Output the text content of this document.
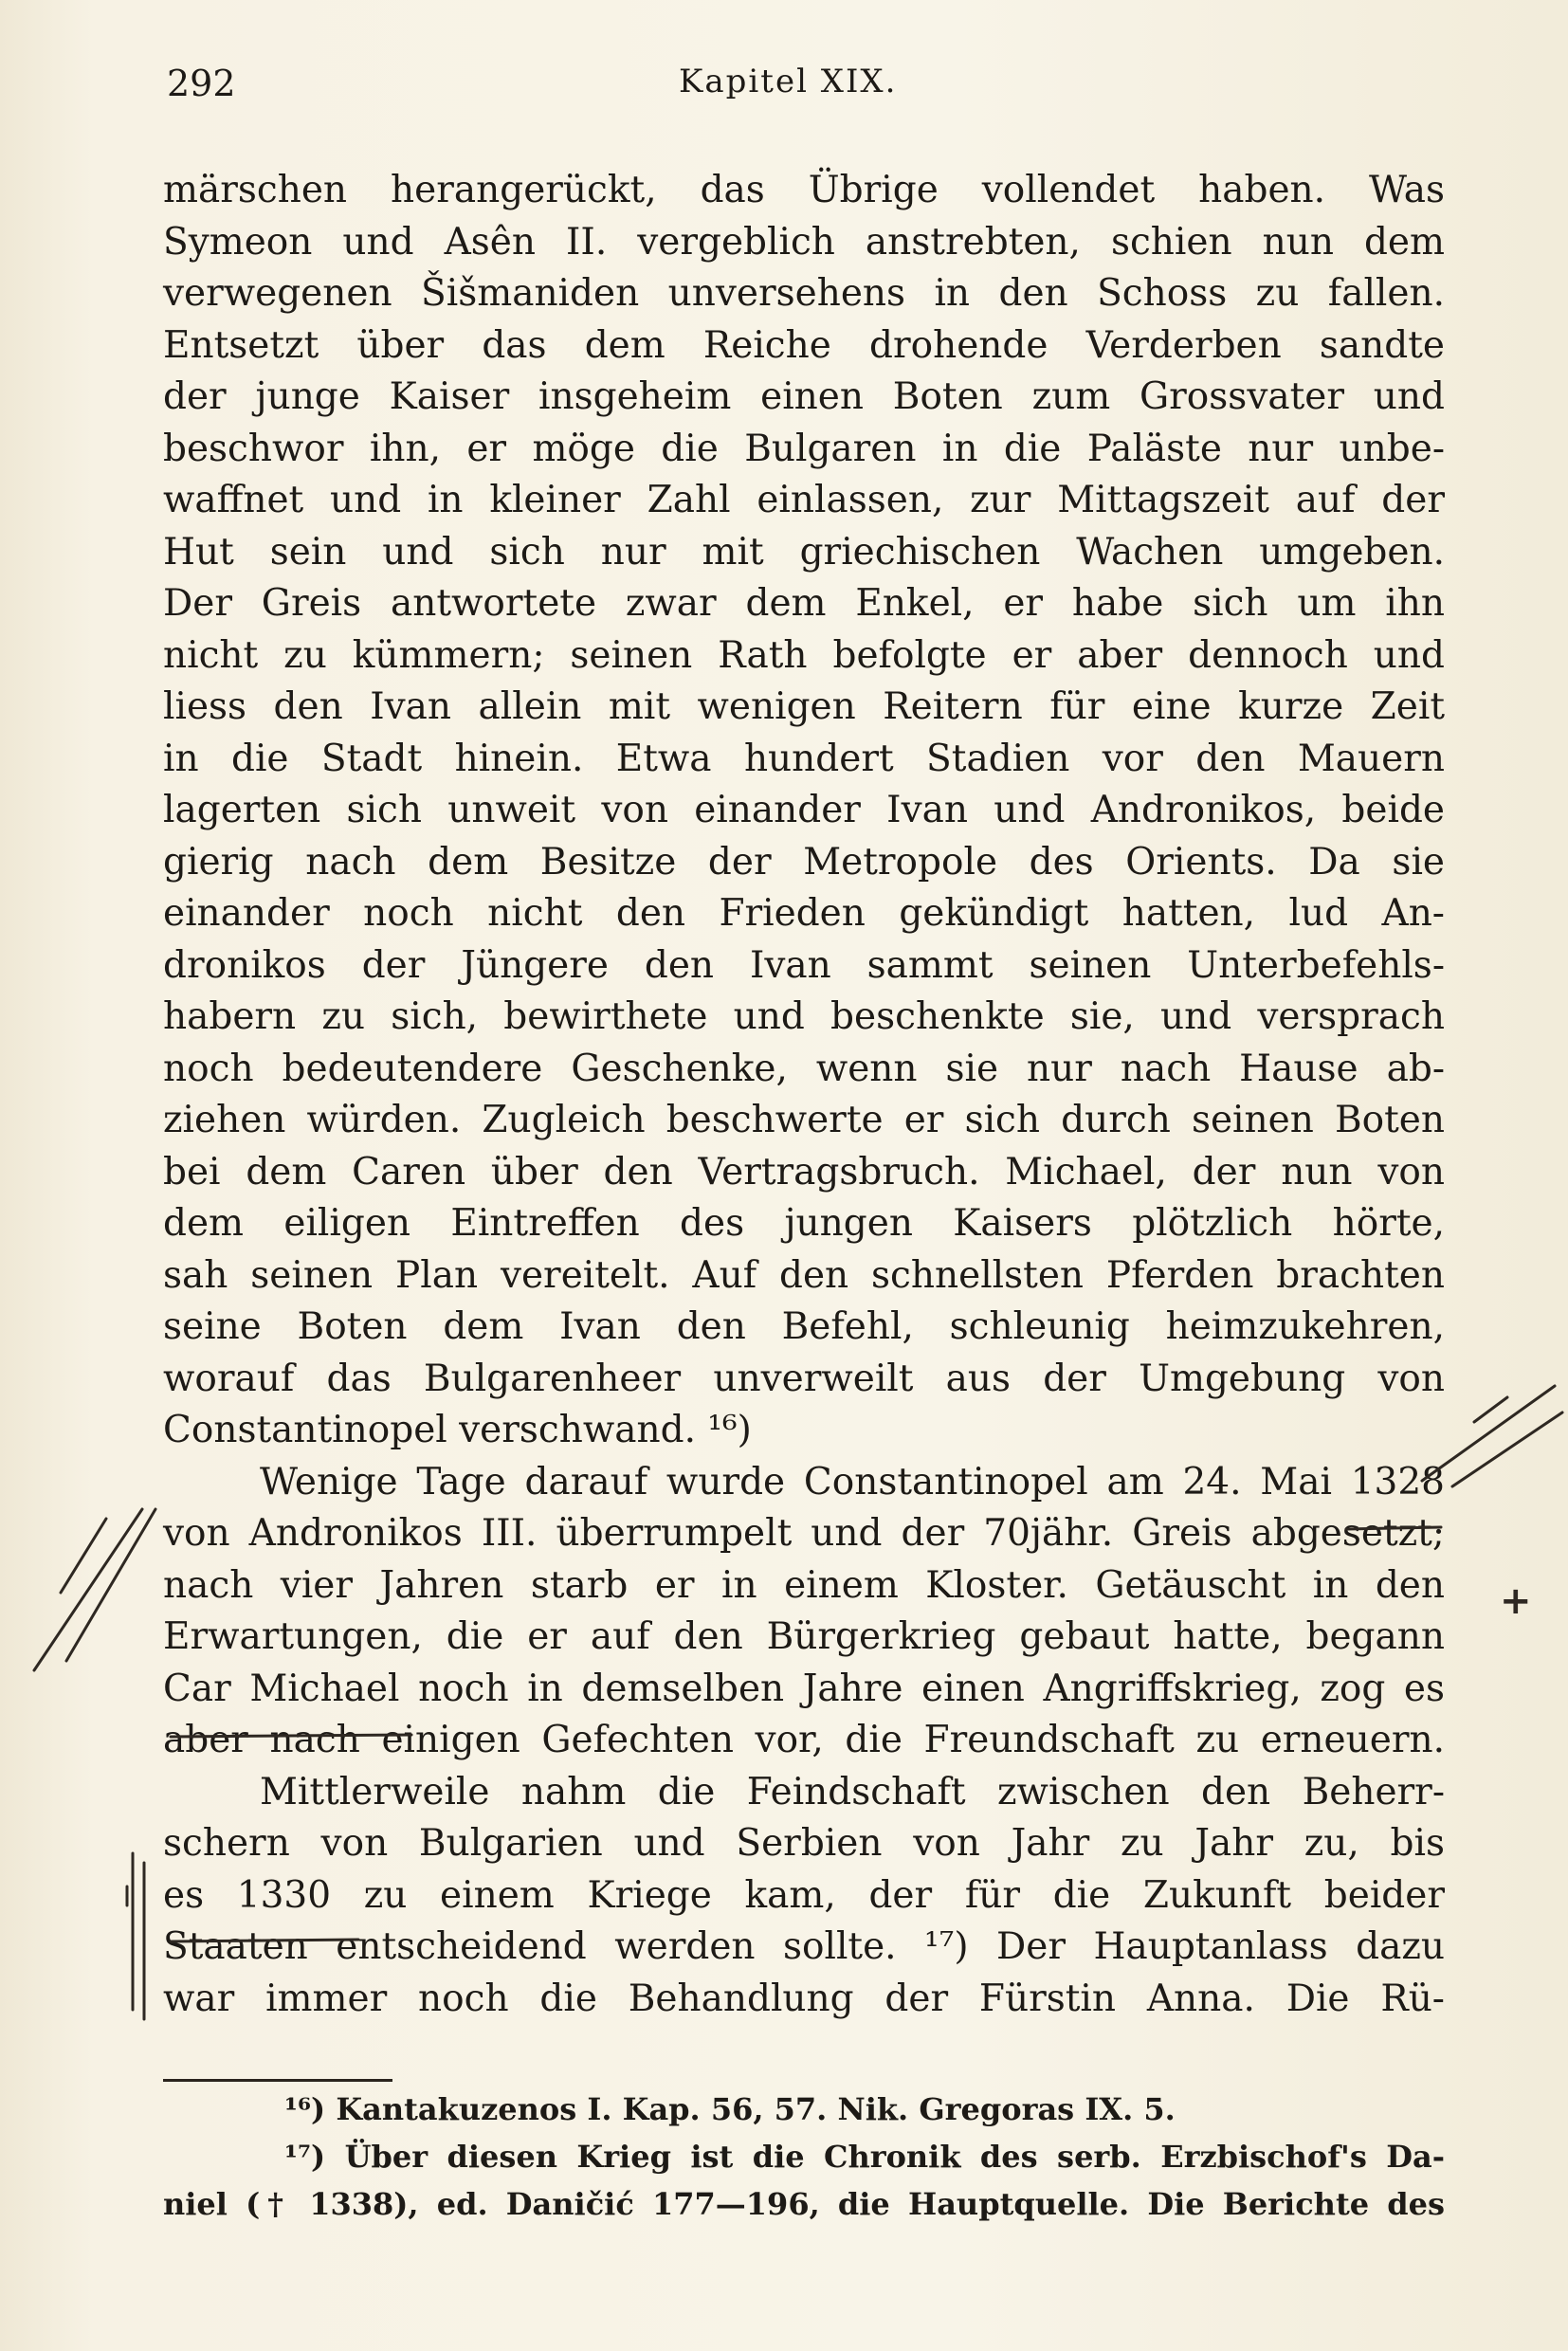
292	Kapitel XIX.
märschen herangerückt, das Übrige vollendet haben. Was
Symeon und Asên II. vergeblich anstrebten, schien nun dem
verwegenen Šišmaniden unversehens in den Schoss zu fallen.
Entsetzt über das dem Reiche drohende Verderben sandte
der junge Kaiser insgeheim einen Boten zum Grossvater und
beschwor ihn, er möge die Bulgaren in die Paläste nur unbe-
waffnet und in kleiner Zahl einlassen, zur Mittagszeit auf der
Hut sein und sich nur mit griechischen Wachen umgeben.
Der Greis antwortete zwar dem Enkel, er habe sich um ihn
nicht zu kümmern; seinen Rath befolgte er aber dennoch und
liess den Ivan allein mit wenigen Reitern für eine kurze Zeit
in die Stadt hinein. Etwa hundert Stadien vor den Mauern
lagerten sich unweit von einander Ivan und Andronikos, beide
gierig nach dem Besitze der Metropole des Orients. Da sie
einander noch nicht den Frieden gekündigt hatten, lud An-
dronikos der Jüngere den Ivan sammt seinen Unterbefehls-
habern zu sich, bewirthete und beschenkte sie, und versprach
noch bedeutendere Geschenke, wenn sie nur nach Hause ab-
ziehen würden. Zugleich beschwerte er sich durch seinen Boten
bei dem Caren über den Vertragsbruch. Michael, der nun von
dem eiligen Eintreffen des jungen Kaisers plötzlich hörte,
sah seinen Plan vereitelt. Auf den schnellsten Pferden brachten
seine Boten dem Ivan den Befehl, schleunig heimzukehren,
worauf das Bulgarenheer unverweilt aus der Umgebung von
Constantinopel verschwand. ¹⁶)
Wenige Tage darauf wurde Constantinopel am 24. Mai 1328
von Andronikos III. überrumpelt und der 70jähr. Greis abgesetzt;
nach vier Jahren starb er in einem Kloster. Getäuscht in den
Erwartungen, die er auf den Bürgerkrieg gebaut hatte, begann
Car Michael noch in demselben Jahre einen Angriffskrieg, zog es
aber nach einigen Gefechten vor, die Freundschaft zu erneuern.
Mittlerweile nahm die Feindschaft zwischen den Beherr-
schern von Bulgarien und Serbien von Jahr zu Jahr zu, bis
es 1330 zu einem Kriege kam, der für die Zukunft beider
Staaten entscheidend werden sollte. ¹⁷) Der Hauptanlass dazu
war immer noch die Behandlung der Fürstin Anna. Die Rü-
¹⁶) Kantakuzenos I. Kap. 56, 57. Nik. Gregoras IX. 5.
¹⁷) Über diesen Krieg ist die Chronik des serb. Erzbischof's Da-
niel († 1338), ed. Daničić 177—196, die Hauptquelle. Die Berichte des
+
